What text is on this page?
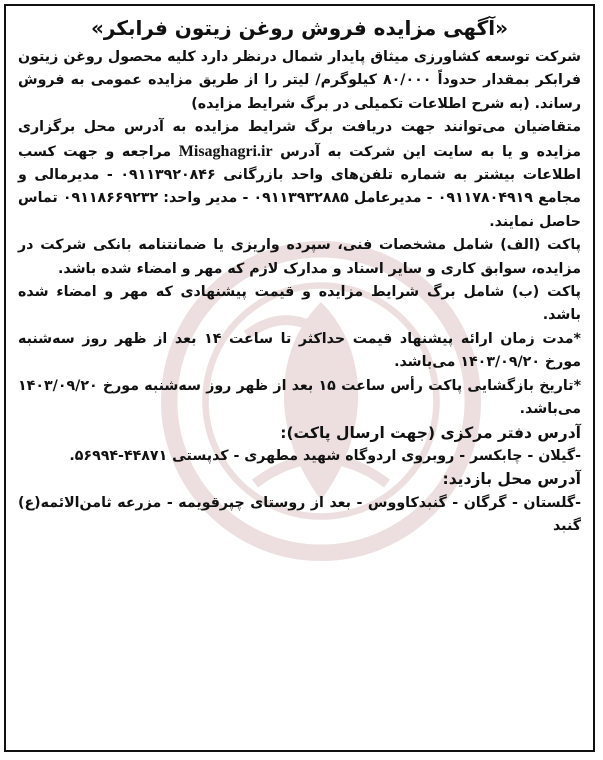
«آگهی مزایده فروش روغن زیتون فرابکر»

شرکت توسعه کشاورزی میثاق پایدار شمال درنظر دارد کلیه محصول روغن زیتون فرابکر بمقدار حدوداً ۸۰/۰۰۰ کیلوگرم/ لیتر را از طریق مزایده عمومی به فروش رساند. (به شرح اطلاعات تکمیلی در برگ شرایط مزایده)

متقاضیان می‌توانند جهت دریافت برگ شرایط مزایده به آدرس محل برگزاری مزایده و یا به سایت این شرکت به آدرس Misaghagri.ir مراجعه و جهت کسب اطلاعات بیشتر به شماره تلفن‌های واحد بازرگانی ۰۹۱۱۳۹۲۰۸۴۶ - مدیرمالی و مجامع ۰۹۱۱۷۸۰۴۹۱۹ - مدیرعامل ۰۹۱۱۳۹۳۲۸۸۵ - مدیر واحد: ۰۹۱۱۸۶۶۹۲۳۲ تماس حاصل نمایند.

پاکت (الف) شامل مشخصات فنی، سپرده واریزی یا ضمانتنامه بانکی شرکت در مزایده، سوابق کاری و سایر اسناد و مدارک لازم که مهر و امضاء شده باشد.

پاکت (ب) شامل برگ شرایط مزایده و قیمت پیشنهادی که مهر و امضاء شده باشد.

*مدت زمان ارائه پیشنهاد قیمت حداکثر تا ساعت ۱۴ بعد از ظهر روز سه‌شنبه مورخ ۱۴۰۳/۰۹/۲۰ می‌باشد.

*تاریخ بازگشایی پاکت رأس ساعت ۱۵ بعد از ظهر روز سه‌شنبه مورخ ۱۴۰۳/۰۹/۲۰ می‌باشد.

آدرس دفتر مرکزی (جهت ارسال پاکت):

-گیلان - چابکسر - روبروی اردوگاه شهید مطهری - کدپستی ۴۴۸۷۱-۵۶۹۹۴.

آدرس محل بازدید:

-گلستان - گرگان - گنبدکاووس - بعد از روستای چپرقویمه - مزرعه ثامن‌الائمه(ع) گنبد
